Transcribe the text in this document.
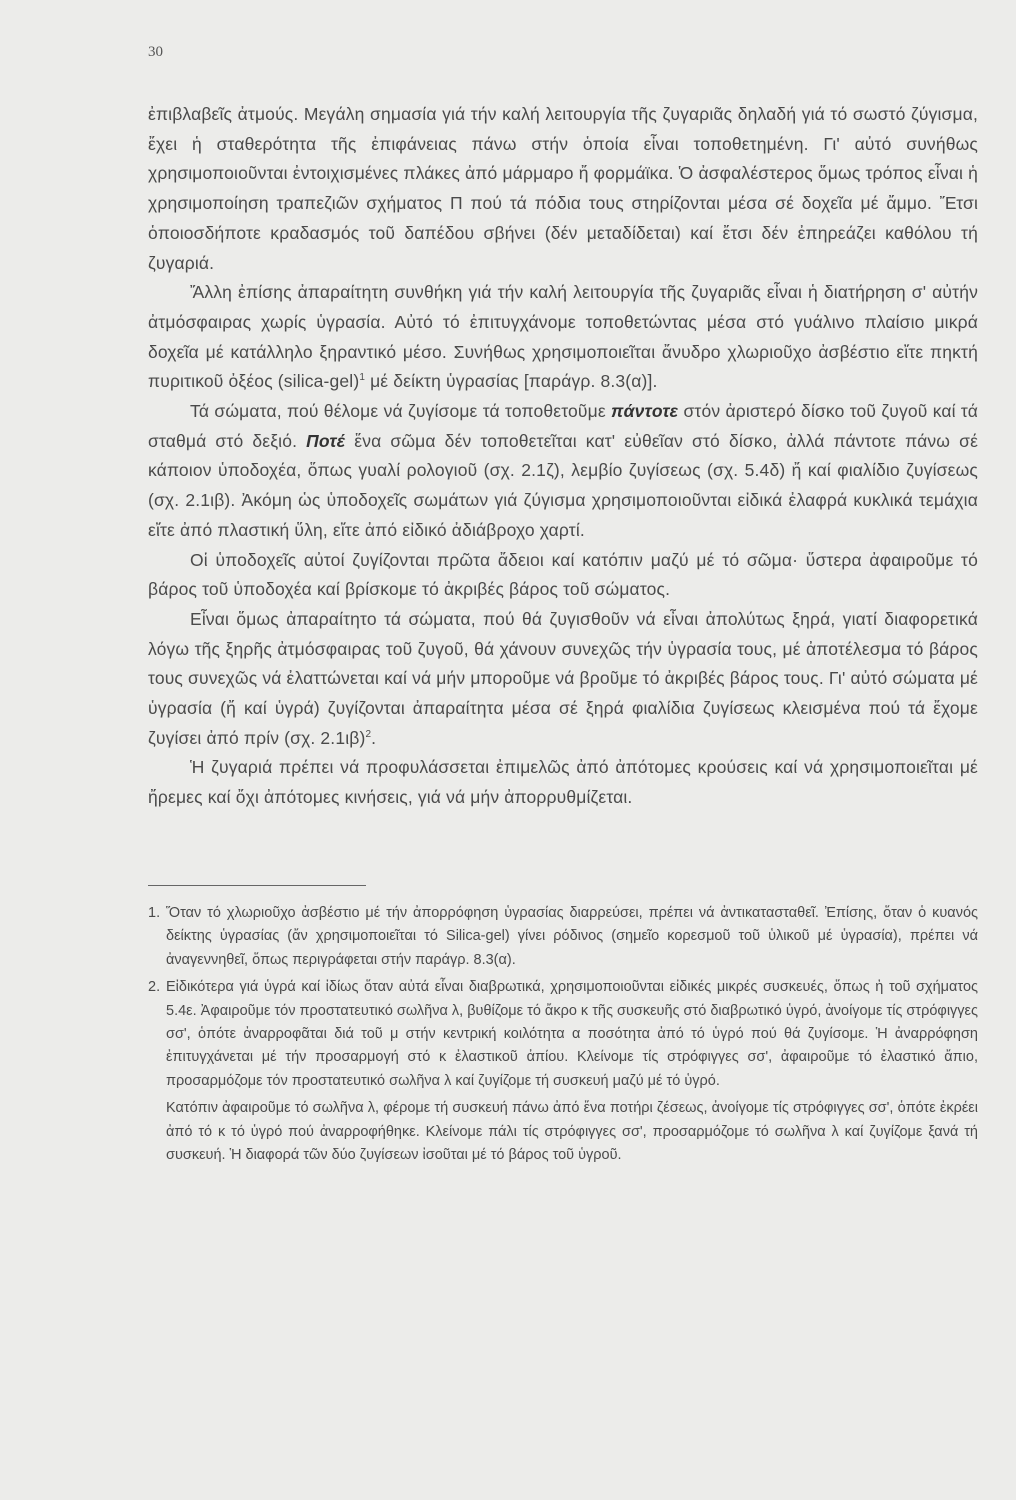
30

ἐπιβλαβεῖς ἀτμούς. Μεγάλη σημασία γιά τήν καλή λειτουργία τῆς ζυγαριᾶς δηλαδή γιά τό σωστό ζύγισμα, ἔχει ἡ σταθερότητα τῆς ἐπιφάνειας πάνω στήν ὁποία εἶναι τοποθετημένη. Γι' αὐτό συνήθως χρησιμοποιοῦνται ἐντοιχισμένες πλάκες ἀπό μάρμαρο ἤ φορμάϊκα. Ὁ ἀσφαλέστερος ὅμως τρόπος εἶναι ἡ χρησιμοποίηση τραπεζιῶν σχήματος Π πού τά πόδια τους στηρίζονται μέσα σέ δοχεῖα μέ ἄμμο. Ἔτσι ὁποιοσδήποτε κραδασμός τοῦ δαπέδου σβήνει (δέν μεταδίδεται) καί ἔτσι δέν ἐπηρεάζει καθόλου τή ζυγαριά.

Ἄλλη ἐπίσης ἀπαραίτητη συνθήκη γιά τήν καλή λειτουργία τῆς ζυγαριᾶς εἶναι ἡ διατήρηση σ' αὐτήν ἀτμόσφαιρας χωρίς ὑγρασία. Αὐτό τό ἐπιτυγχάνομε τοποθετώντας μέσα στό γυάλινο πλαίσιο μικρά δοχεῖα μέ κατάλληλο ξηραντικό μέσο. Συνήθως χρησιμοποιεῖται ἄνυδρο χλωριοῦχο ἀσβέστιο εἴτε πηκτή πυριτικοῦ ὀξέος (silica-gel)$^1$ μέ δείκτη ὑγρασίας [παράγρ. 8.3(α)].

Τά σώματα, πού θέλομε νά ζυγίσομε τά τοποθετοῦμε πάντοτε στόν ἀριστερό δίσκο τοῦ ζυγοῦ καί τά σταθμά στό δεξιό. Ποτέ ἕνα σῶμα δέν τοποθετεῖται κατ' εὐθεῖαν στό δίσκο, ἀλλά πάντοτε πάνω σέ κάποιον ὑποδοχέα, ὅπως γυαλί ρολογιοῦ (σχ. 2.1ζ), λεμβίο ζυγίσεως (σχ. 5.4δ) ἤ καί φιαλίδιο ζυγίσεως (σχ. 2.1ιβ). Ἀκόμη ὡς ὑποδοχεῖς σωμάτων γιά ζύγισμα χρησιμοποιοῦνται εἰδικά ἐλαφρά κυκλικά τεμάχια εἴτε ἀπό πλαστική ὕλη, εἴτε ἀπό εἰδικό ἀδιάβροχο χαρτί.

Οἱ ὑποδοχεῖς αὐτοί ζυγίζονται πρῶτα ἄδειοι καί κατόπιν μαζύ μέ τό σῶμα· ὕστερα ἀφαιροῦμε τό βάρος τοῦ ὑποδοχέα καί βρίσκομε τό ἀκριβές βάρος τοῦ σώματος.

Εἶναι ὅμως ἀπαραίτητο τά σώματα, πού θά ζυγισθοῦν νά εἶναι ἀπολύτως ξηρά, γιατί διαφορετικά λόγω τῆς ξηρῆς ἀτμόσφαιρας τοῦ ζυγοῦ, θά χάνουν συνεχῶς τήν ὑγρασία τους, μέ ἀποτέλεσμα τό βάρος τους συνεχῶς νά ἐλαττώνεται καί νά μήν μποροῦμε νά βροῦμε τό ἀκριβές βάρος τους. Γι' αὐτό σώματα μέ ὑγρασία (ἤ καί ὑγρά) ζυγίζονται ἀπαραίτητα μέσα σέ ξηρά φιαλίδια ζυγίσεως κλεισμένα πού τά ἔχομε ζυγίσει ἀπό πρίν (σχ. 2.1ιβ)$^2$.

Ἡ ζυγαριά πρέπει νά προφυλάσσεται ἐπιμελῶς ἀπό ἀπότομες κρούσεις καί νά χρησιμοποιεῖται μέ ἤρεμες καί ὄχι ἀπότομες κινήσεις, γιά νά μήν ἀπορρυθμίζεται.

1. Ὅταν τό χλωριοῦχο ἀσβέστιο μέ τήν ἀπορρόφηση ὑγρασίας διαρρεύσει, πρέπει νά ἀντικατασταθεῖ. Ἐπίσης, ὅταν ὁ κυανός δείκτης ὑγρασίας (ἄν χρησιμοποιεῖται τό Silica-gel) γίνει ρόδινος (σημεῖο κορεσμοῦ τοῦ ὑλικοῦ μέ ὑγρασία), πρέπει νά ἀναγεννηθεῖ, ὅπως περιγράφεται στήν παράγρ. 8.3(α).

2. Εἰδικότερα γιά ὑγρά καί ἰδίως ὅταν αὐτά εἶναι διαβρωτικά, χρησιμοποιοῦνται εἰδικές μικρές συσκευές, ὅπως ἡ τοῦ σχήματος 5.4ε. Ἀφαιροῦμε τόν προστατευτικό σωλῆνα λ, βυθίζομε τό ἄκρο κ τῆς συσκευῆς στό διαβρωτικό ὑγρό, ἀνοίγομε τίς στρόφιγγες σσ', ὁπότε ἀναρροφᾶται διά τοῦ μ στήν κεντρική κοιλότητα α ποσότητα ἀπό τό ὑγρό πού θά ζυγίσομε. Ἡ ἀναρρόφηση ἐπιτυγχάνεται μέ τήν προσαρμογή στό κ ἐλαστικοῦ ἀπίου. Κλείνομε τίς στρόφιγγες σσ', ἀφαιροῦμε τό ἐλαστικό ἄπιο, προσαρμόζομε τόν προστατευτικό σωλῆνα λ καί ζυγίζομε τή συσκευή μαζύ μέ τό ὑγρό.

Κατόπιν ἀφαιροῦμε τό σωλῆνα λ, φέρομε τή συσκευή πάνω ἀπό ἕνα ποτήρι ζέσεως, ἀνοίγομε τίς στρόφιγγες σσ', ὁπότε ἐκρέει ἀπό τό κ τό ὑγρό πού ἀναρροφήθηκε. Κλείνομε πάλι τίς στρόφιγγες σσ', προσαρμόζομε τό σωλῆνα λ καί ζυγίζομε ξανά τή συσκευή. Ἡ διαφορά τῶν δύο ζυγίσεων ἰσοῦται μέ τό βάρος τοῦ ὑγροῦ.
